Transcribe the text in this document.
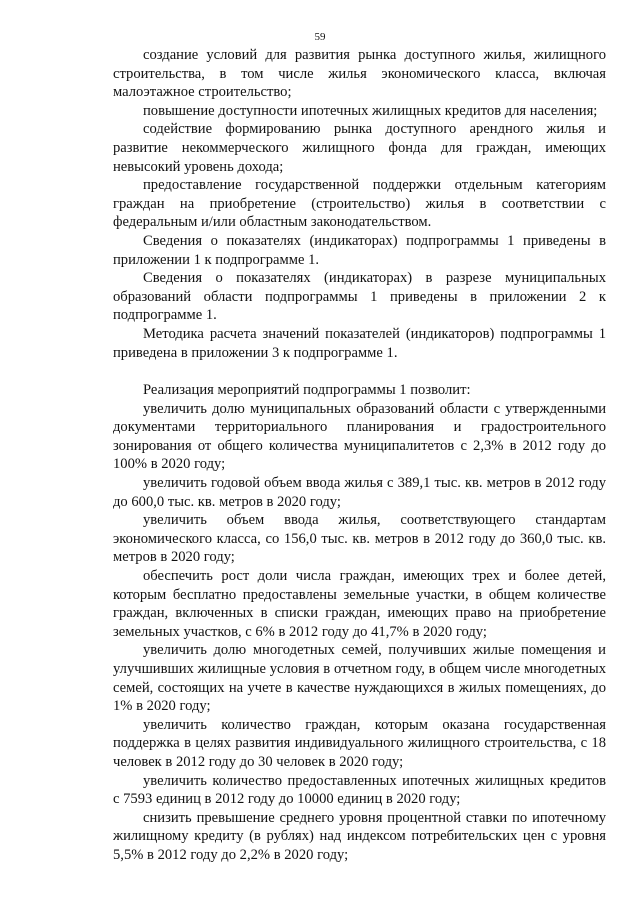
59

создание условий для развития рынка доступного жилья, жилищного строительства, в том числе жилья экономического класса, включая малоэтажное строительство;

повышение доступности ипотечных жилищных кредитов для населения;

содействие формированию рынка доступного арендного жилья и развитие некоммерческого жилищного фонда для граждан, имеющих невысокий уровень дохода;

предоставление государственной поддержки отдельным категориям граждан на приобретение (строительство) жилья в соответствии с федеральным и/или областным законодательством.

Сведения о показателях (индикаторах) подпрограммы 1 приведены в приложении 1 к подпрограмме 1.

Сведения о показателях (индикаторах) в разрезе муниципальных образований области подпрограммы 1 приведены в приложении 2 к подпрограмме 1.

Методика расчета значений показателей (индикаторов) подпрограммы 1 приведена в приложении 3 к подпрограмме 1.

Реализация мероприятий подпрограммы 1 позволит:

увеличить долю муниципальных образований области с утвержденными документами территориального планирования и градостроительного зонирования от общего количества муниципалитетов с 2,3% в 2012 году до 100% в 2020 году;

увеличить годовой объем ввода жилья с 389,1 тыс. кв. метров в 2012 году до 600,0 тыс. кв. метров в 2020 году;

увеличить объем ввода жилья, соответствующего стандартам экономического класса, со 156,0 тыс. кв. метров в 2012 году до 360,0 тыс. кв. метров в 2020 году;

обеспечить рост доли числа граждан, имеющих трех и более детей, которым бесплатно предоставлены земельные участки, в общем количестве граждан, включенных в списки граждан, имеющих право на приобретение земельных участков, с 6% в 2012 году до 41,7% в 2020 году;

увеличить долю многодетных семей, получивших жилые помещения и улучшивших жилищные условия в отчетном году, в общем числе многодетных семей, состоящих на учете в качестве нуждающихся в жилых помещениях, до 1% в 2020 году;

увеличить количество граждан, которым оказана государственная поддержка в целях развития индивидуального жилищного строительства, с 18 человек в 2012 году до 30 человек в 2020 году;

увеличить количество предоставленных ипотечных жилищных кредитов с 7593 единиц в 2012 году до 10000 единиц в 2020 году;

снизить превышение среднего уровня процентной ставки по ипотечному жилищному кредиту (в рублях) над индексом потребительских цен с уровня 5,5% в 2012 году до 2,2% в 2020 году;
